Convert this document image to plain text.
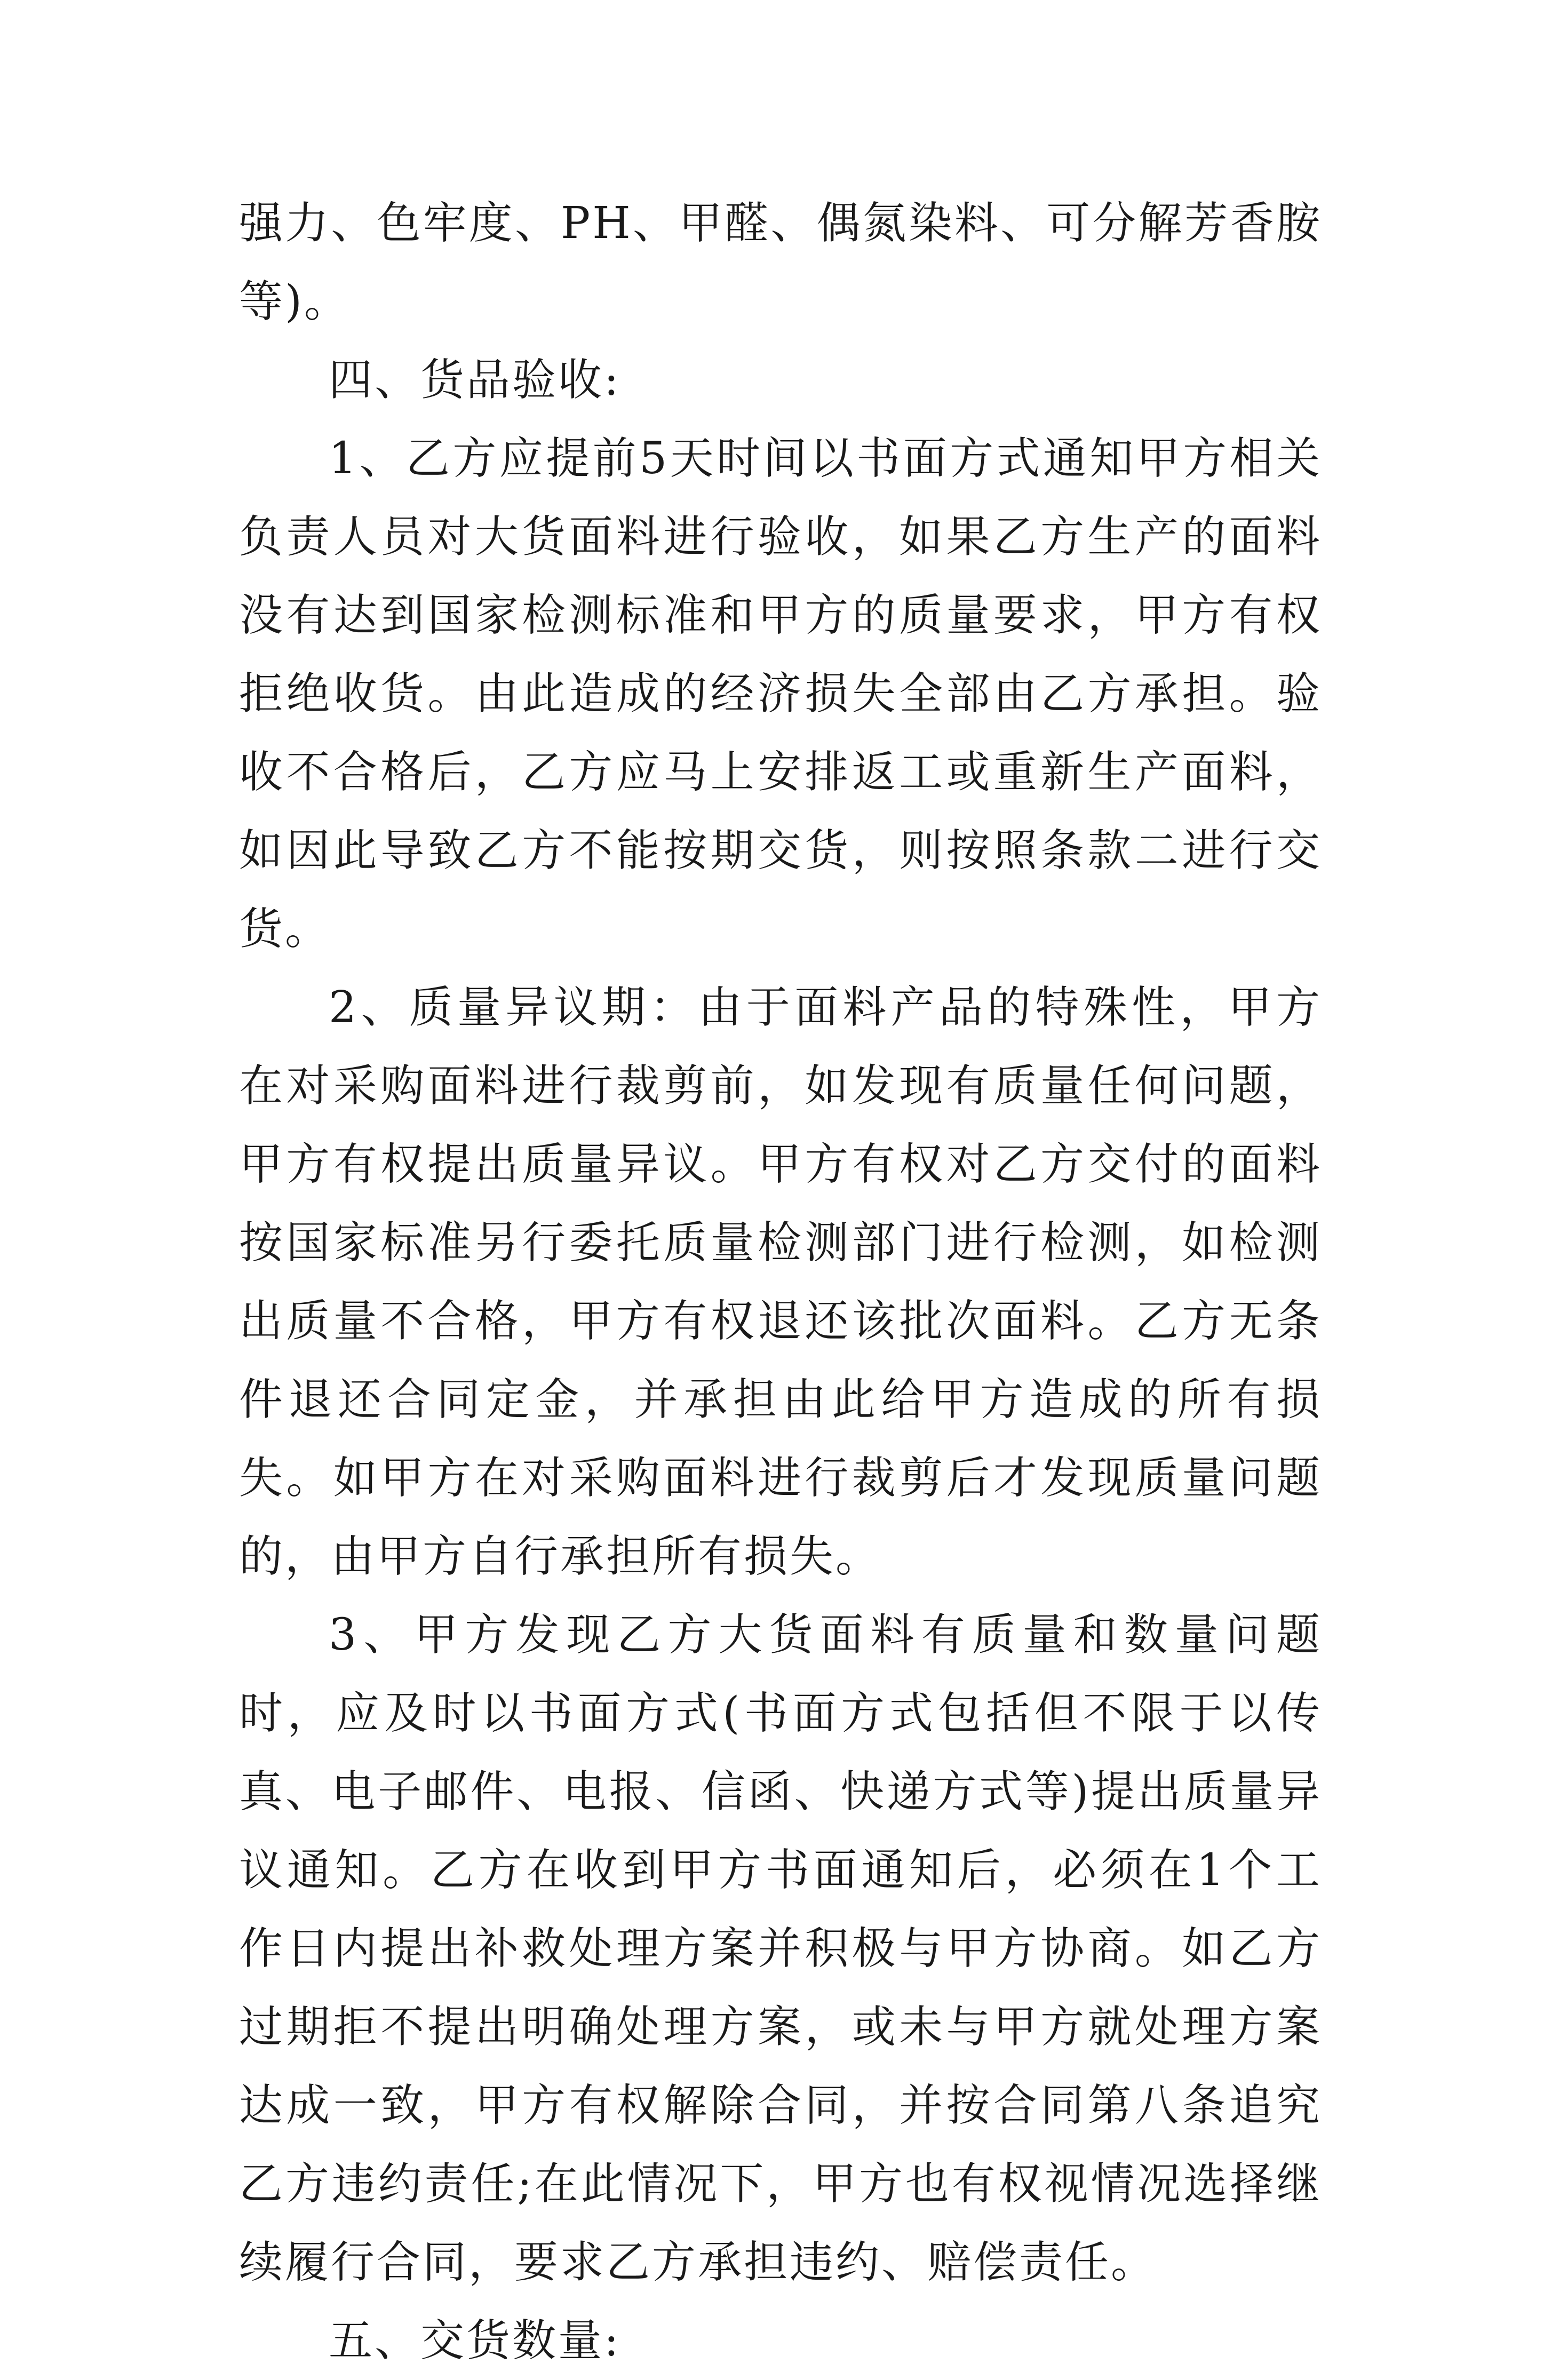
强力、色牢度、PH、甲醛、偶氮染料、可分解芳香胺等)。

四、货品验收:

1、乙方应提前5天时间以书面方式通知甲方相关负责人员对大货面料进行验收，如果乙方生产的面料没有达到国家检测标准和甲方的质量要求，甲方有权拒绝收货。由此造成的经济损失全部由乙方承担。验收不合格后，乙方应马上安排返工或重新生产面料，如因此导致乙方不能按期交货，则按照条款二进行交货。

2、质量异议期：由于面料产品的特殊性，甲方在对采购面料进行裁剪前，如发现有质量任何问题，甲方有权提出质量异议。甲方有权对乙方交付的面料按国家标准另行委托质量检测部门进行检测，如检测出质量不合格，甲方有权退还该批次面料。乙方无条件退还合同定金，并承担由此给甲方造成的所有损失。如甲方在对采购面料进行裁剪后才发现质量问题的，由甲方自行承担所有损失。

3、甲方发现乙方大货面料有质量和数量问题时，应及时以书面方式(书面方式包括但不限于以传真、电子邮件、电报、信函、快递方式等)提出质量异议通知。乙方在收到甲方书面通知后，必须在1个工作日内提出补救处理方案并积极与甲方协商。如乙方过期拒不提出明确处理方案，或未与甲方就处理方案达成一致，甲方有权解除合同，并按合同第八条追究乙方违约责任;在此情况下，甲方也有权视情况选择继续履行合同，要求乙方承担违约、赔偿责任。

五、交货数量:
